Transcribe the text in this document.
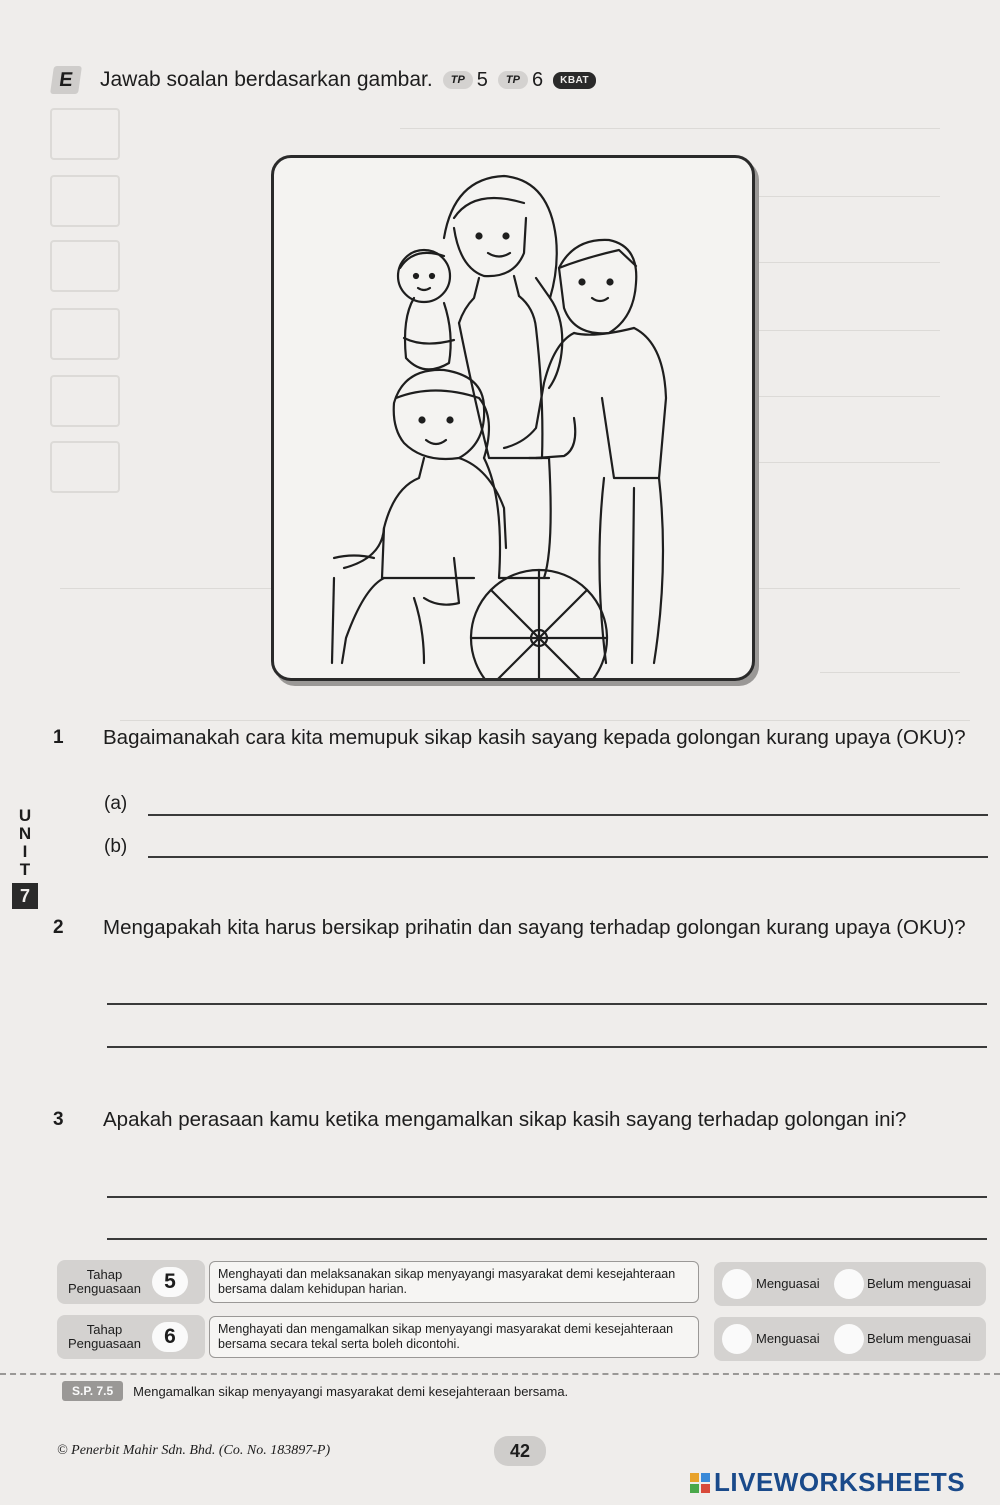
E	Jawab soalan berdasarkan gambar.	TP 5	TP 6	KBAT
1 Bagaimanakah cara kita memupuk sikap kasih sayang kepada golongan kurang upaya (OKU)?
(a)
(b)
U
N
I
T
7
2 Mengapakah kita harus bersikap prihatin dan sayang terhadap golongan kurang upaya (OKU)?
3 Apakah perasaan kamu ketika mengamalkan sikap kasih sayang terhadap golongan ini?
Tahap
Penguasaan	5	Menghayati dan melaksanakan sikap menyayangi masyarakat demi kesejahteraan bersama dalam kehidupan harian.	Menguasai	Belum menguasai
Tahap
Penguasaan	6	Menghayati dan mengamalkan sikap menyayangi masyarakat demi kesejahteraan bersama secara tekal serta boleh dicontohi.	Menguasai	Belum menguasai
S.P. 7.5	Mengamalkan sikap menyayangi masyarakat demi kesejahteraan bersama.
© Penerbit Mahir Sdn. Bhd. (Co. No. 183897-P)	42
LIVEWORKSHEETS
